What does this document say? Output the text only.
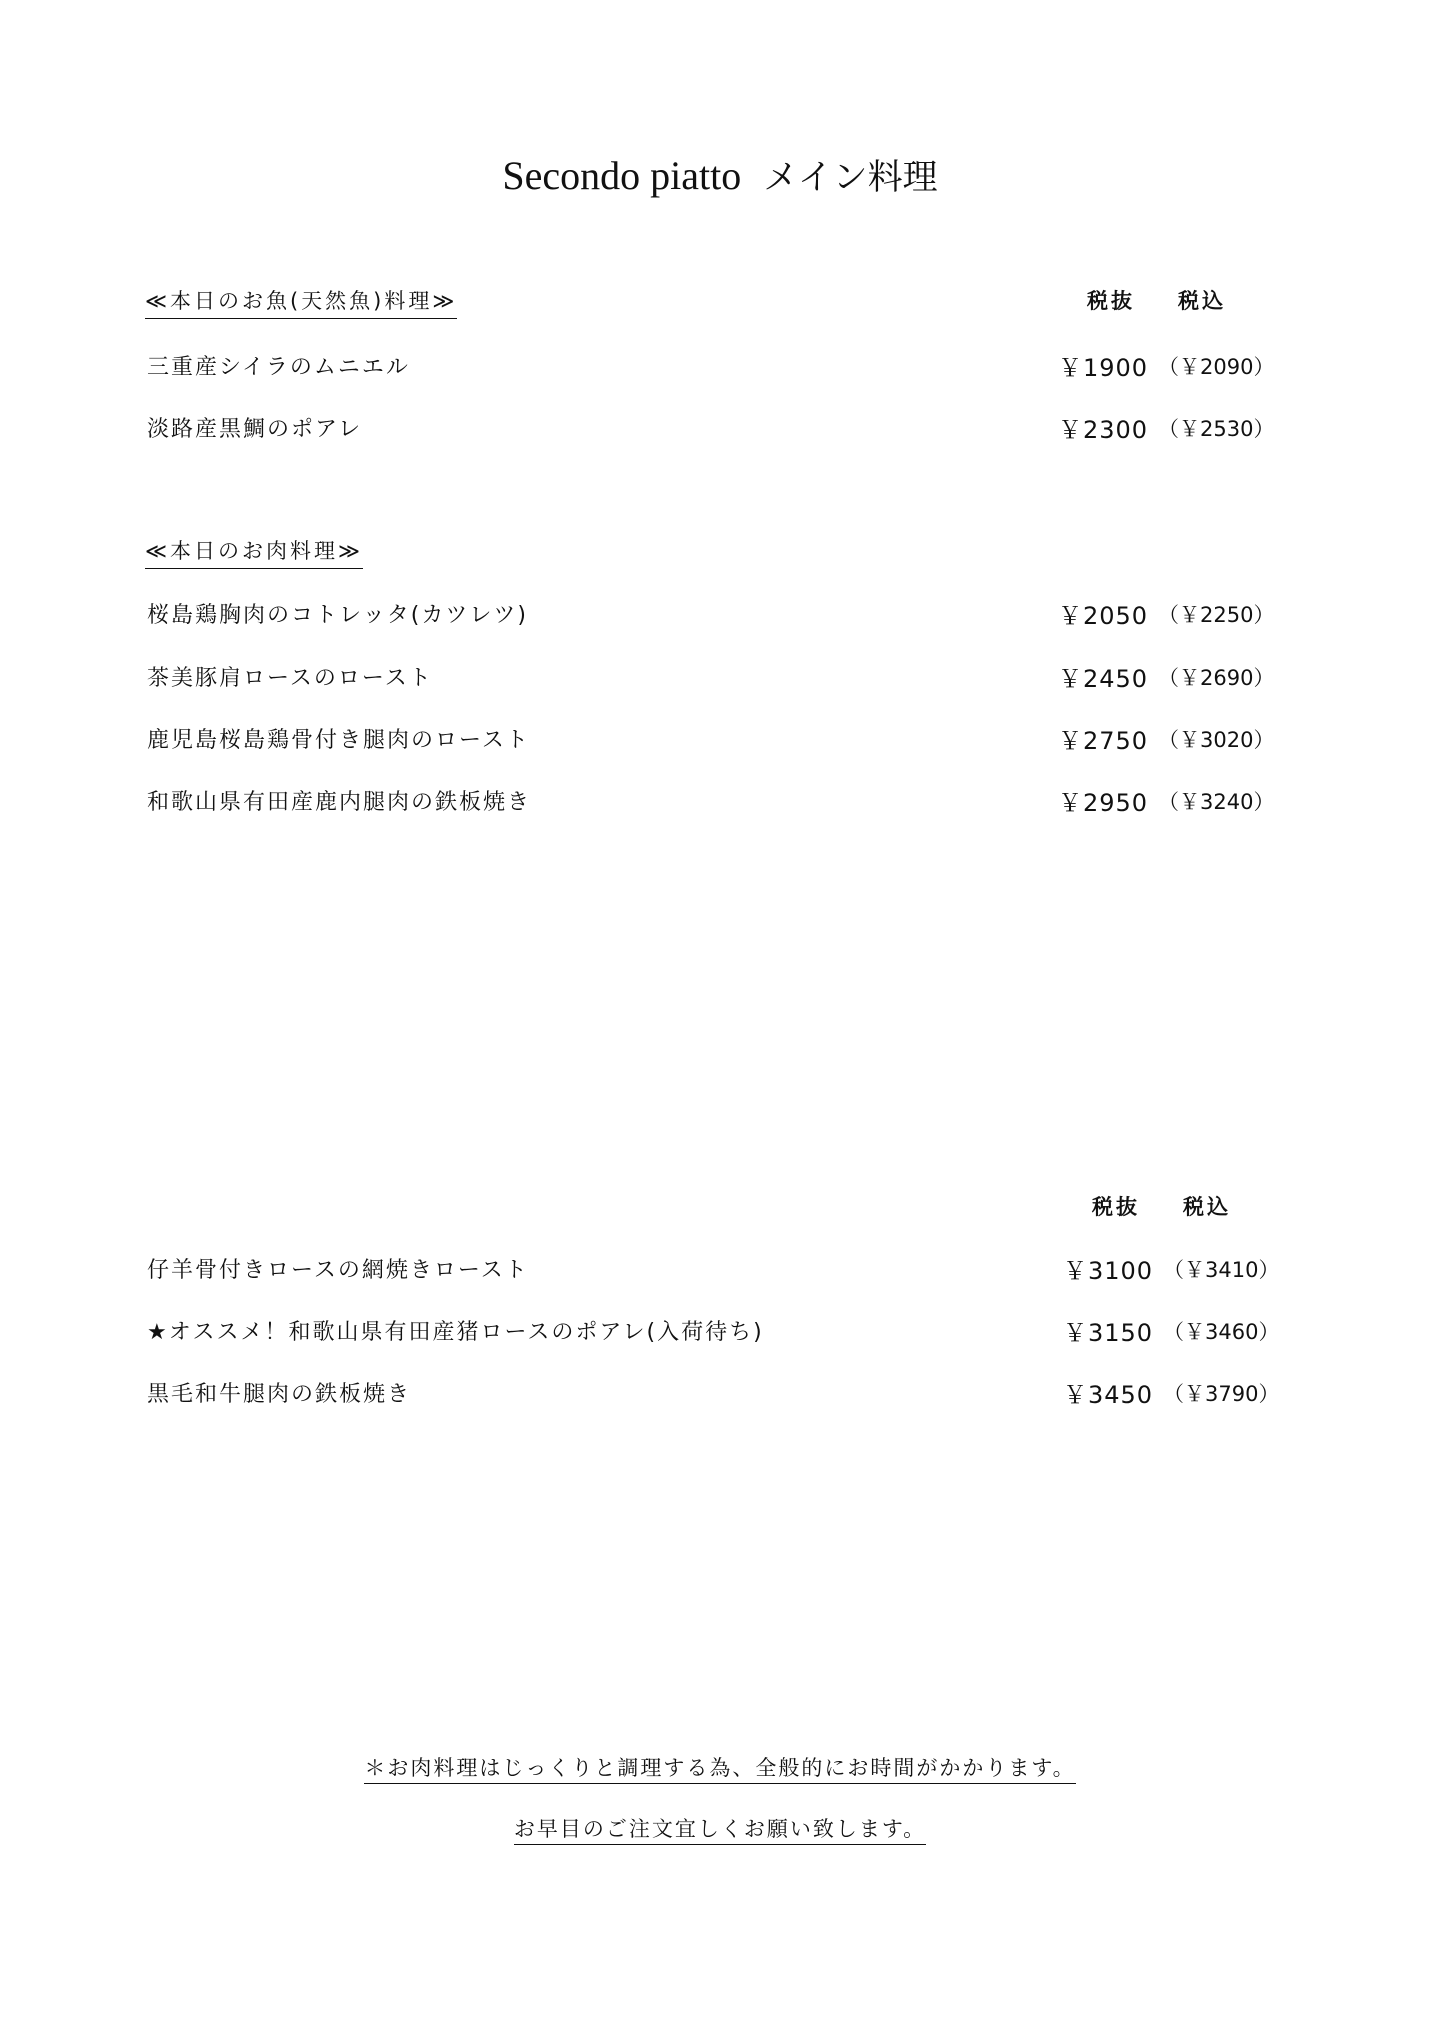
Secondo piatto メイン料理
≪本日のお魚(天然魚)料理≫	税抜 税込
三重産シイラのムニエル	￥1900 （￥2090）
淡路産黒鯛のポアレ	￥2300 （￥2530）
≪本日のお肉料理≫
桜島鶏胸肉のコトレッタ(カツレツ)	￥2050 （￥2250）
茶美豚肩ロースのロースト	￥2450 （￥2690）
鹿児島桜島鶏骨付き腿肉のロースト	￥2750 （￥3020）
和歌山県有田産鹿内腿肉の鉄板焼き	￥2950 （￥3240）
税抜 税込
仔羊骨付きロースの網焼きロースト	￥3100 （￥3410）
★オススメ！和歌山県有田産猪ロースのポアレ(入荷待ち)	￥3150 （￥3460）
黒毛和牛腿肉の鉄板焼き	￥3450 （￥3790）
＊お肉料理はじっくりと調理する為、全般的にお時間がかかります。
お早目のご注文宜しくお願い致します。
